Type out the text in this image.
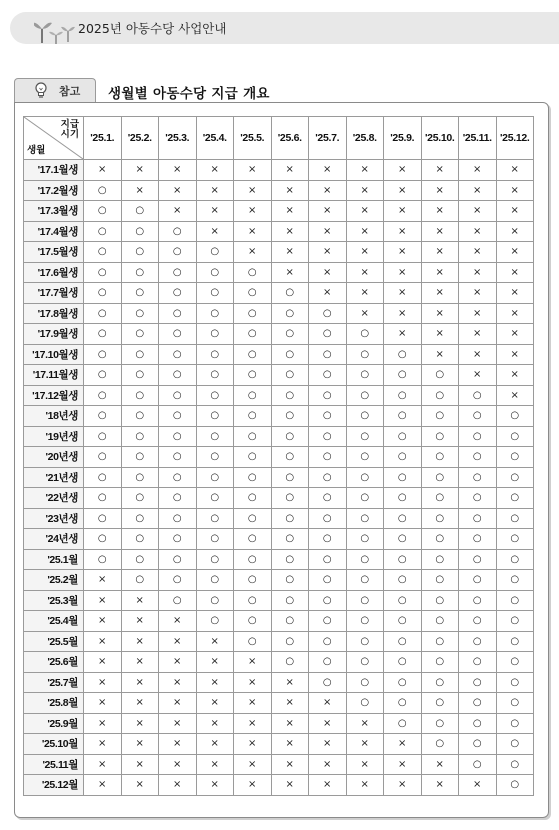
2025년 아동수당 사업안내
참고 생월별 아동수당 지급 개요
지급
시기
생월	'25.1.	'25.2.	'25.3.	'25.4.	'25.5.	'25.6.	'25.7.	'25.8.	'25.9.	'25.10.	'25.11.	'25.12.
'17.1월생	×	×	×	×	×	×	×	×	×	×	×	×
'17.2월생	○	×	×	×	×	×	×	×	×	×	×	×
'17.3월생	○	○	×	×	×	×	×	×	×	×	×	×
'17.4월생	○	○	○	×	×	×	×	×	×	×	×	×
'17.5월생	○	○	○	○	×	×	×	×	×	×	×	×
'17.6월생	○	○	○	○	○	×	×	×	×	×	×	×
'17.7월생	○	○	○	○	○	○	×	×	×	×	×	×
'17.8월생	○	○	○	○	○	○	○	×	×	×	×	×
'17.9월생	○	○	○	○	○	○	○	○	×	×	×	×
'17.10월생	○	○	○	○	○	○	○	○	○	×	×	×
'17.11월생	○	○	○	○	○	○	○	○	○	○	×	×
'17.12월생	○	○	○	○	○	○	○	○	○	○	○	×
'18년생	○	○	○	○	○	○	○	○	○	○	○	○
'19년생	○	○	○	○	○	○	○	○	○	○	○	○
'20년생	○	○	○	○	○	○	○	○	○	○	○	○
'21년생	○	○	○	○	○	○	○	○	○	○	○	○
'22년생	○	○	○	○	○	○	○	○	○	○	○	○
'23년생	○	○	○	○	○	○	○	○	○	○	○	○
'24년생	○	○	○	○	○	○	○	○	○	○	○	○
'25.1월	○	○	○	○	○	○	○	○	○	○	○	○
'25.2월	×	○	○	○	○	○	○	○	○	○	○	○
'25.3월	×	×	○	○	○	○	○	○	○	○	○	○
'25.4월	×	×	×	○	○	○	○	○	○	○	○	○
'25.5월	×	×	×	×	○	○	○	○	○	○	○	○
'25.6월	×	×	×	×	×	○	○	○	○	○	○	○
'25.7월	×	×	×	×	×	×	○	○	○	○	○	○
'25.8월	×	×	×	×	×	×	×	○	○	○	○	○
'25.9월	×	×	×	×	×	×	×	×	○	○	○	○
'25.10월	×	×	×	×	×	×	×	×	×	○	○	○
'25.11월	×	×	×	×	×	×	×	×	×	×	○	○
'25.12월	×	×	×	×	×	×	×	×	×	×	×	○
